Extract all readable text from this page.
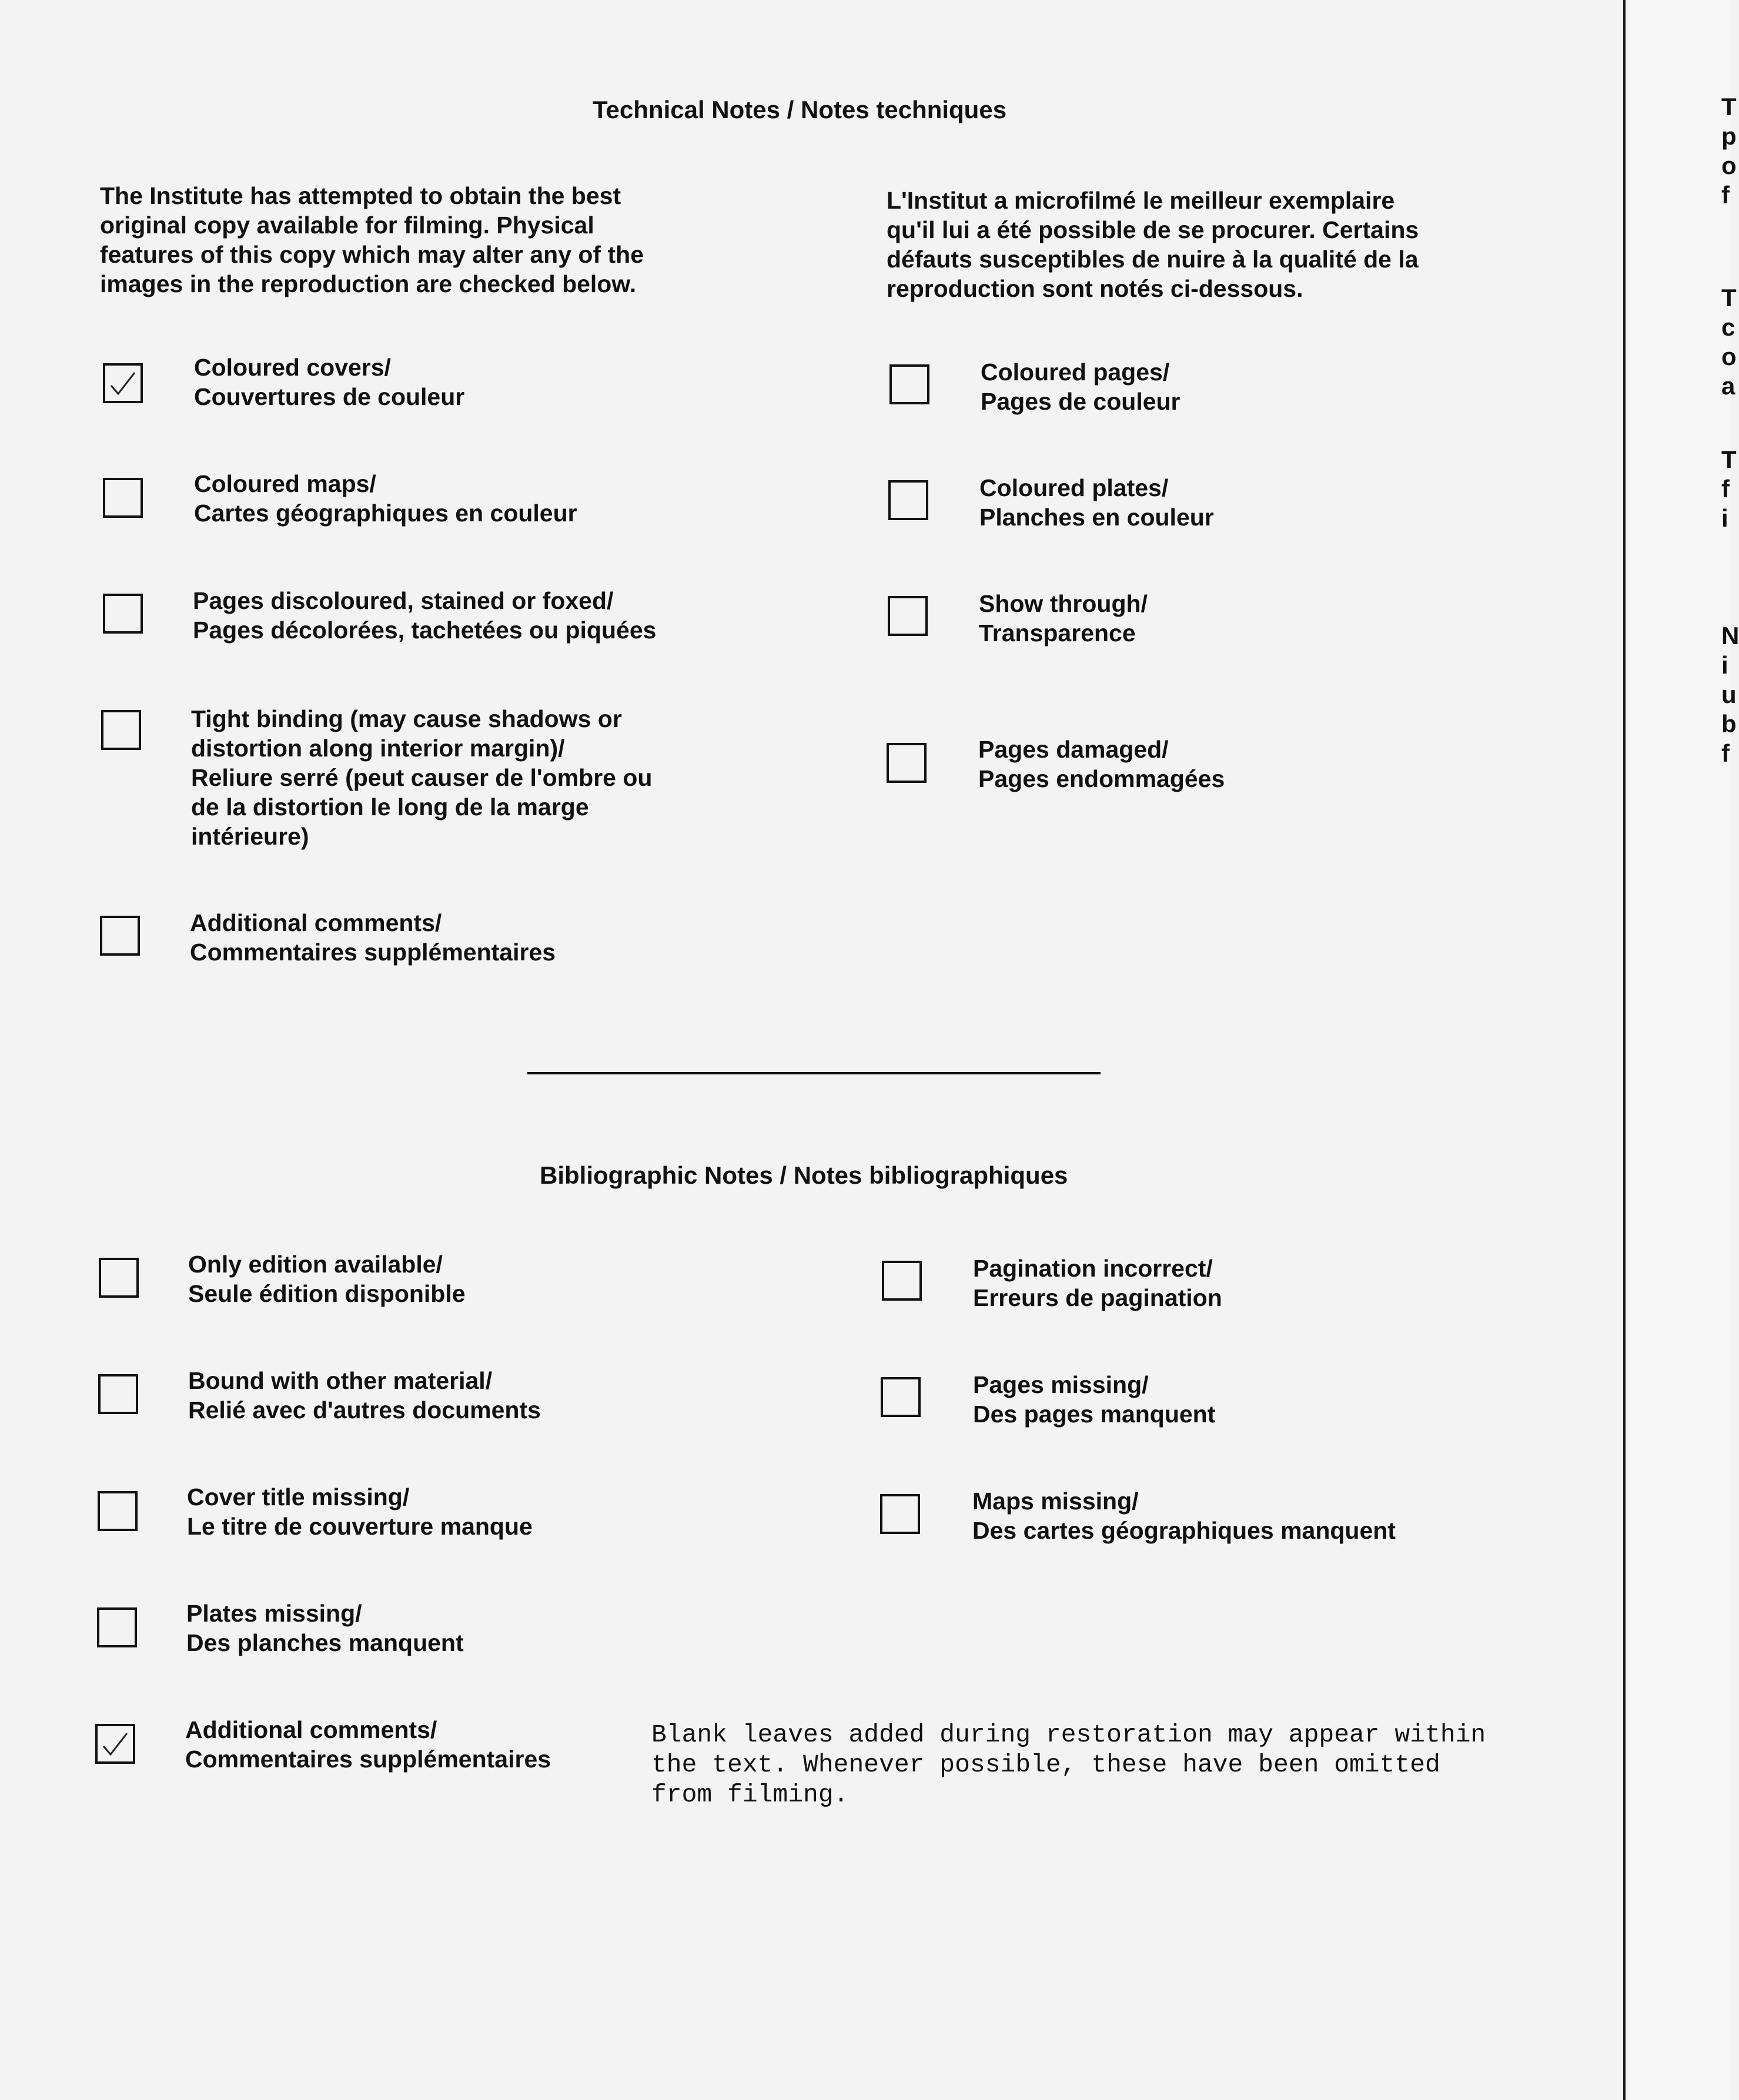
Technical Notes / Notes techniques
The Institute has attempted to obtain the best
original copy available for filming. Physical
features of this copy which may alter any of the
images in the reproduction are checked below.
L'Institut a microfilmé le meilleur exemplaire
qu'il lui a été possible de se procurer. Certains
défauts susceptibles de nuire à la qualité de la
reproduction sont notés ci-dessous.
Coloured covers/
Couvertures de couleur
Coloured maps/
Cartes géographiques en couleur
Pages discoloured, stained or foxed/
Pages décolorées, tachetées ou piquées
Tight binding (may cause shadows or
distortion along interior margin)/
Reliure serré (peut causer de l'ombre ou
de la distortion le long de la marge
intérieure)
Additional comments/
Commentaires supplémentaires
Coloured pages/
Pages de couleur
Coloured plates/
Planches en couleur
Show through/
Transparence
Pages damaged/
Pages endommagées
Bibliographic Notes / Notes bibliographiques
Only edition available/
Seule édition disponible
Bound with other material/
Relié avec d'autres documents
Cover title missing/
Le titre de couverture manque
Plates missing/
Des planches manquent
Additional comments/
Commentaires supplémentaires
Pagination incorrect/
Erreurs de pagination
Pages missing/
Des pages manquent
Maps missing/
Des cartes géographiques manquent
Blank leaves added during restoration may appear within
the text. Whenever possible, these have been omitted
from filming.
T
p
o
f
T
c
o
a
T
f
i
N
i
u
b
f
